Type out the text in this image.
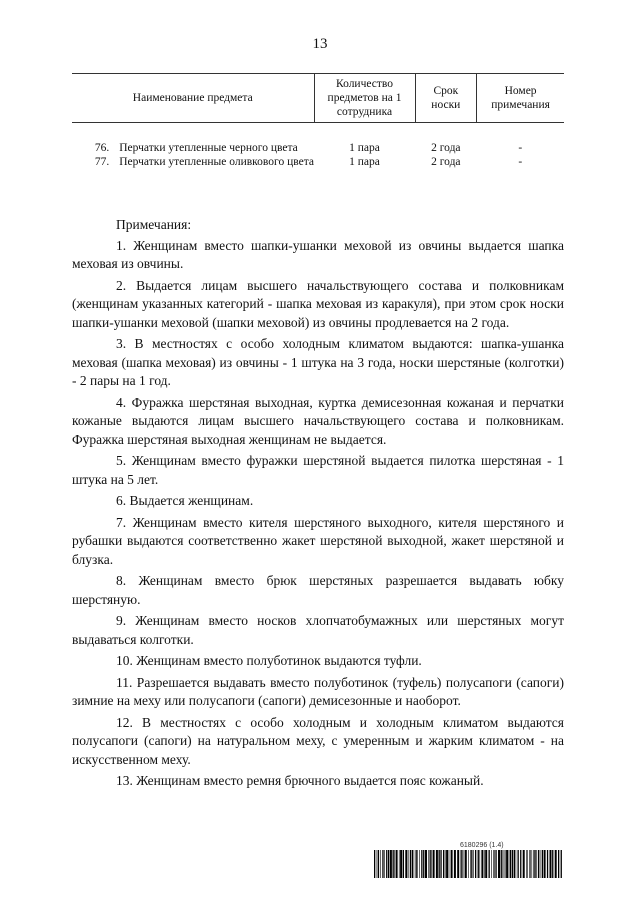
13
Наименование предмета		Количество предметов на 1 сотрудника	Срок носки	Номер примечания

76.	Перчатки утепленные черного цвета	1 пара	2 года	-
77.	Перчатки утепленные оливкового цвета	1 пара	2 года	-

Примечания:

1. Женщинам вместо шапки-ушанки меховой из овчины выдается шапка меховая из овчины.

2. Выдается лицам высшего начальствующего состава и полковникам (женщинам указанных категорий - шапка меховая из каракуля), при этом срок носки шапки-ушанки меховой (шапки меховой) из овчины продлевается на 2 года.

3. В местностях с особо холодным климатом выдаются: шапка-ушанка меховая (шапка меховая) из овчины - 1 штука на 3 года, носки шерстяные (колготки) - 2 пары на 1 год.

4. Фуражка шерстяная выходная, куртка демисезонная кожаная и перчатки кожаные выдаются лицам высшего начальствующего состава и полковникам. Фуражка шерстяная выходная женщинам не выдается.

5. Женщинам вместо фуражки шерстяной выдается пилотка шерстяная - 1 штука на 5 лет.

6. Выдается женщинам.

7. Женщинам вместо кителя шерстяного выходного, кителя шерстяного и рубашки выдаются соответственно жакет шерстяной выходной, жакет шерстяной и блузка.

8. Женщинам вместо брюк шерстяных разрешается выдавать юбку шерстяную.

9. Женщинам вместо носков хлопчатобумажных или шерстяных могут выдаваться колготки.

10. Женщинам вместо полуботинок выдаются туфли.

11. Разрешается выдавать вместо полуботинок (туфель) полусапоги (сапоги) зимние на меху или полусапоги (сапоги) демисезонные и наоборот.

12. В местностях с особо холодным и холодным климатом выдаются полусапоги (сапоги) на натуральном меху, с умеренным и жарким климатом - на искусственном меху.

13. Женщинам вместо ремня брючного выдается пояс кожаный.

6180296 (1.4)
